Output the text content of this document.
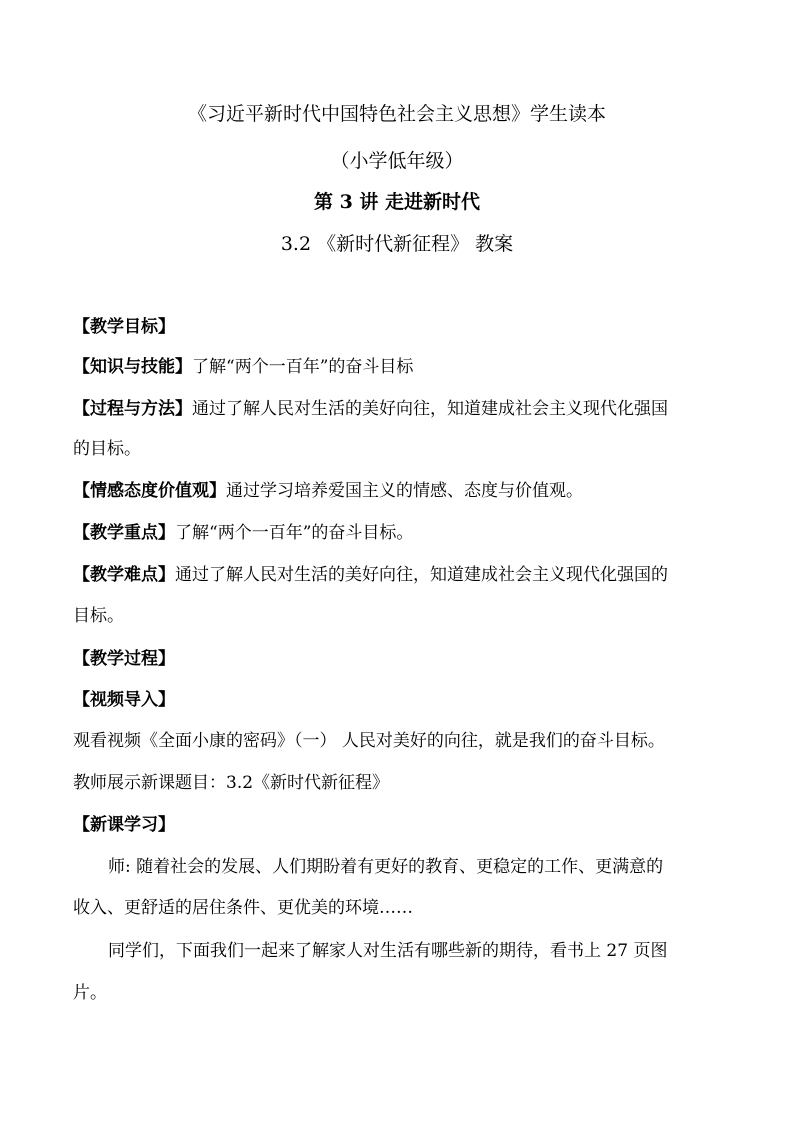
《习近平新时代中国特色社会主义思想》学生读本
（小学低年级）
第 3 讲 走进新时代
3.2 《新时代新征程》 教案
【教学目标】
【知识与技能】了解“两个一百年”的奋斗目标
【过程与方法】通过了解人民对生活的美好向往，知道建成社会主义现代化强国
的目标。
【情感态度价值观】通过学习培养爱国主义的情感、态度与价值观。
【教学重点】了解“两个一百年”的奋斗目标。
【教学难点】通过了解人民对生活的美好向往，知道建成社会主义现代化强国的
目标。
【教学过程】
【视频导入】
观看视频《全面小康的密码》（一） 人民对美好的向往，就是我们的奋斗目标。
教师展示新课题目：3.2《新时代新征程》
【新课学习】
师: 随着社会的发展、人们期盼着有更好的教育、更稳定的工作、更满意的
收入、更舒适的居住条件、更优美的环境……
同学们，下面我们一起来了解家人对生活有哪些新的期待，看书上 27 页图
片。
